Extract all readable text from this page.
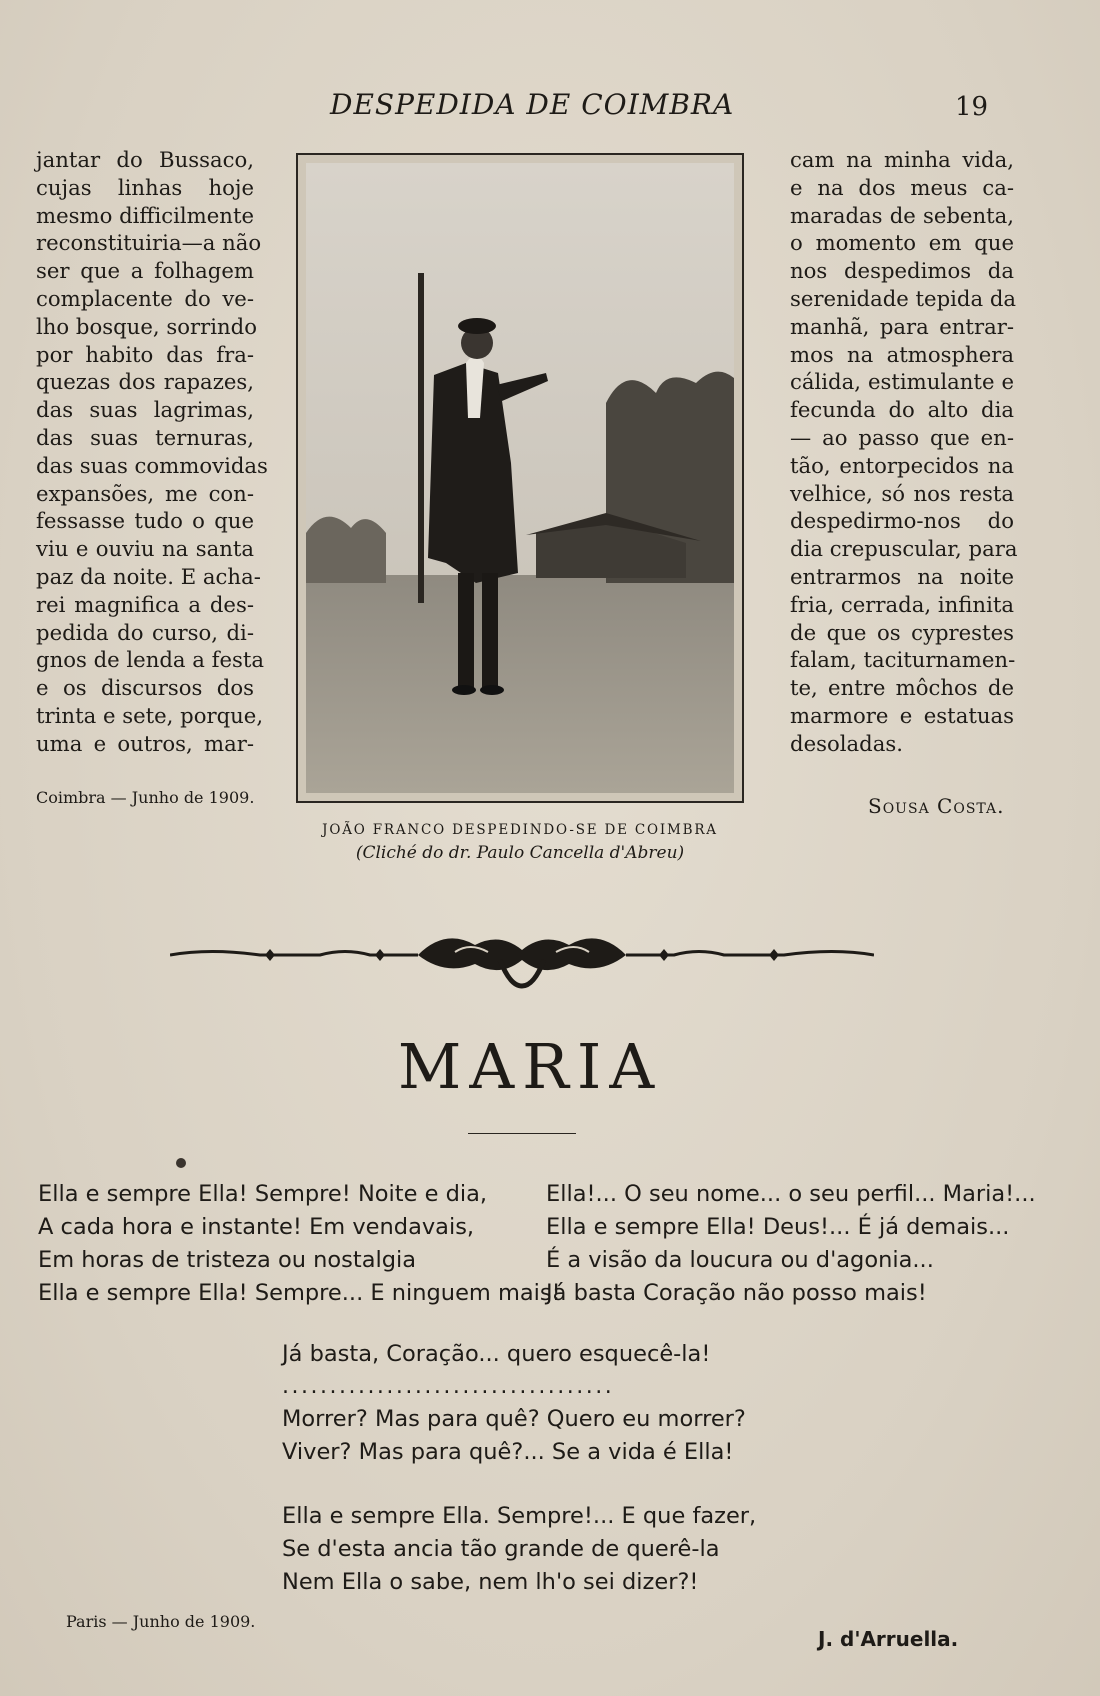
DESPEDIDA DE COIMBRA	19
jantar do Bussaco,
cujas linhas hoje
mesmo difficilmente
reconstituiria—a não
ser que a folhagem
complacente do ve-
lho bosque, sorrindo
por habito das fra-
quezas dos rapazes,
das suas lagrimas,
das suas ternuras,
das suas commovidas
expansões, me con-
fessasse tudo o que
viu e ouviu na santa
paz da noite. E acha-
rei magnifica a des-
pedida do curso, di-
gnos de lenda a festa
e os discursos dos
trinta e sete, porque,
uma e outros, mar-
cam na minha vida,
e na dos meus ca-
maradas de sebenta,
o momento em que
nos despedimos da
serenidade tepida da
manhã, para entrar-
mos na atmosphera
cálida, estimulante e
fecunda do alto dia
— ao passo que en-
tão, entorpecidos na
velhice, só nos resta
despedirmo-nos do
dia crepuscular, para
entrarmos na noite
fria, cerrada, infinita
de que os cyprestes
falam, taciturnamen-
te, entre môchos de
marmore e estatuas
desoladas.
Coimbra — Junho de 1909.	Sousa Costa.
JOÃO FRANCO DESPEDINDO-SE DE COIMBRA
(Cliché do dr. Paulo Cancella d'Abreu)
MARIA
Ella e sempre Ella! Sempre! Noite e dia,
A cada hora e instante! Em vendavais,
Em horas de tristeza ou nostalgia
Ella e sempre Ella! Sempre... E ninguem mais!
Ella!... O seu nome... o seu perfil... Maria!...
Ella e sempre Ella! Deus!... É já demais...
É a visão da loucura ou d'agonia...
Já basta Coração não posso mais!
Já basta, Coração... quero esquecê-la!
...................................
Morrer? Mas para quê? Quero eu morrer?
Viver? Mas para quê?... Se a vida é Ella!
Ella e sempre Ella. Sempre!... E que fazer,
Se d'esta ancia tão grande de querê-la
Nem Ella o sabe, nem lh'o sei dizer?!
Paris — Junho de 1909.
J. d'Arruella.
